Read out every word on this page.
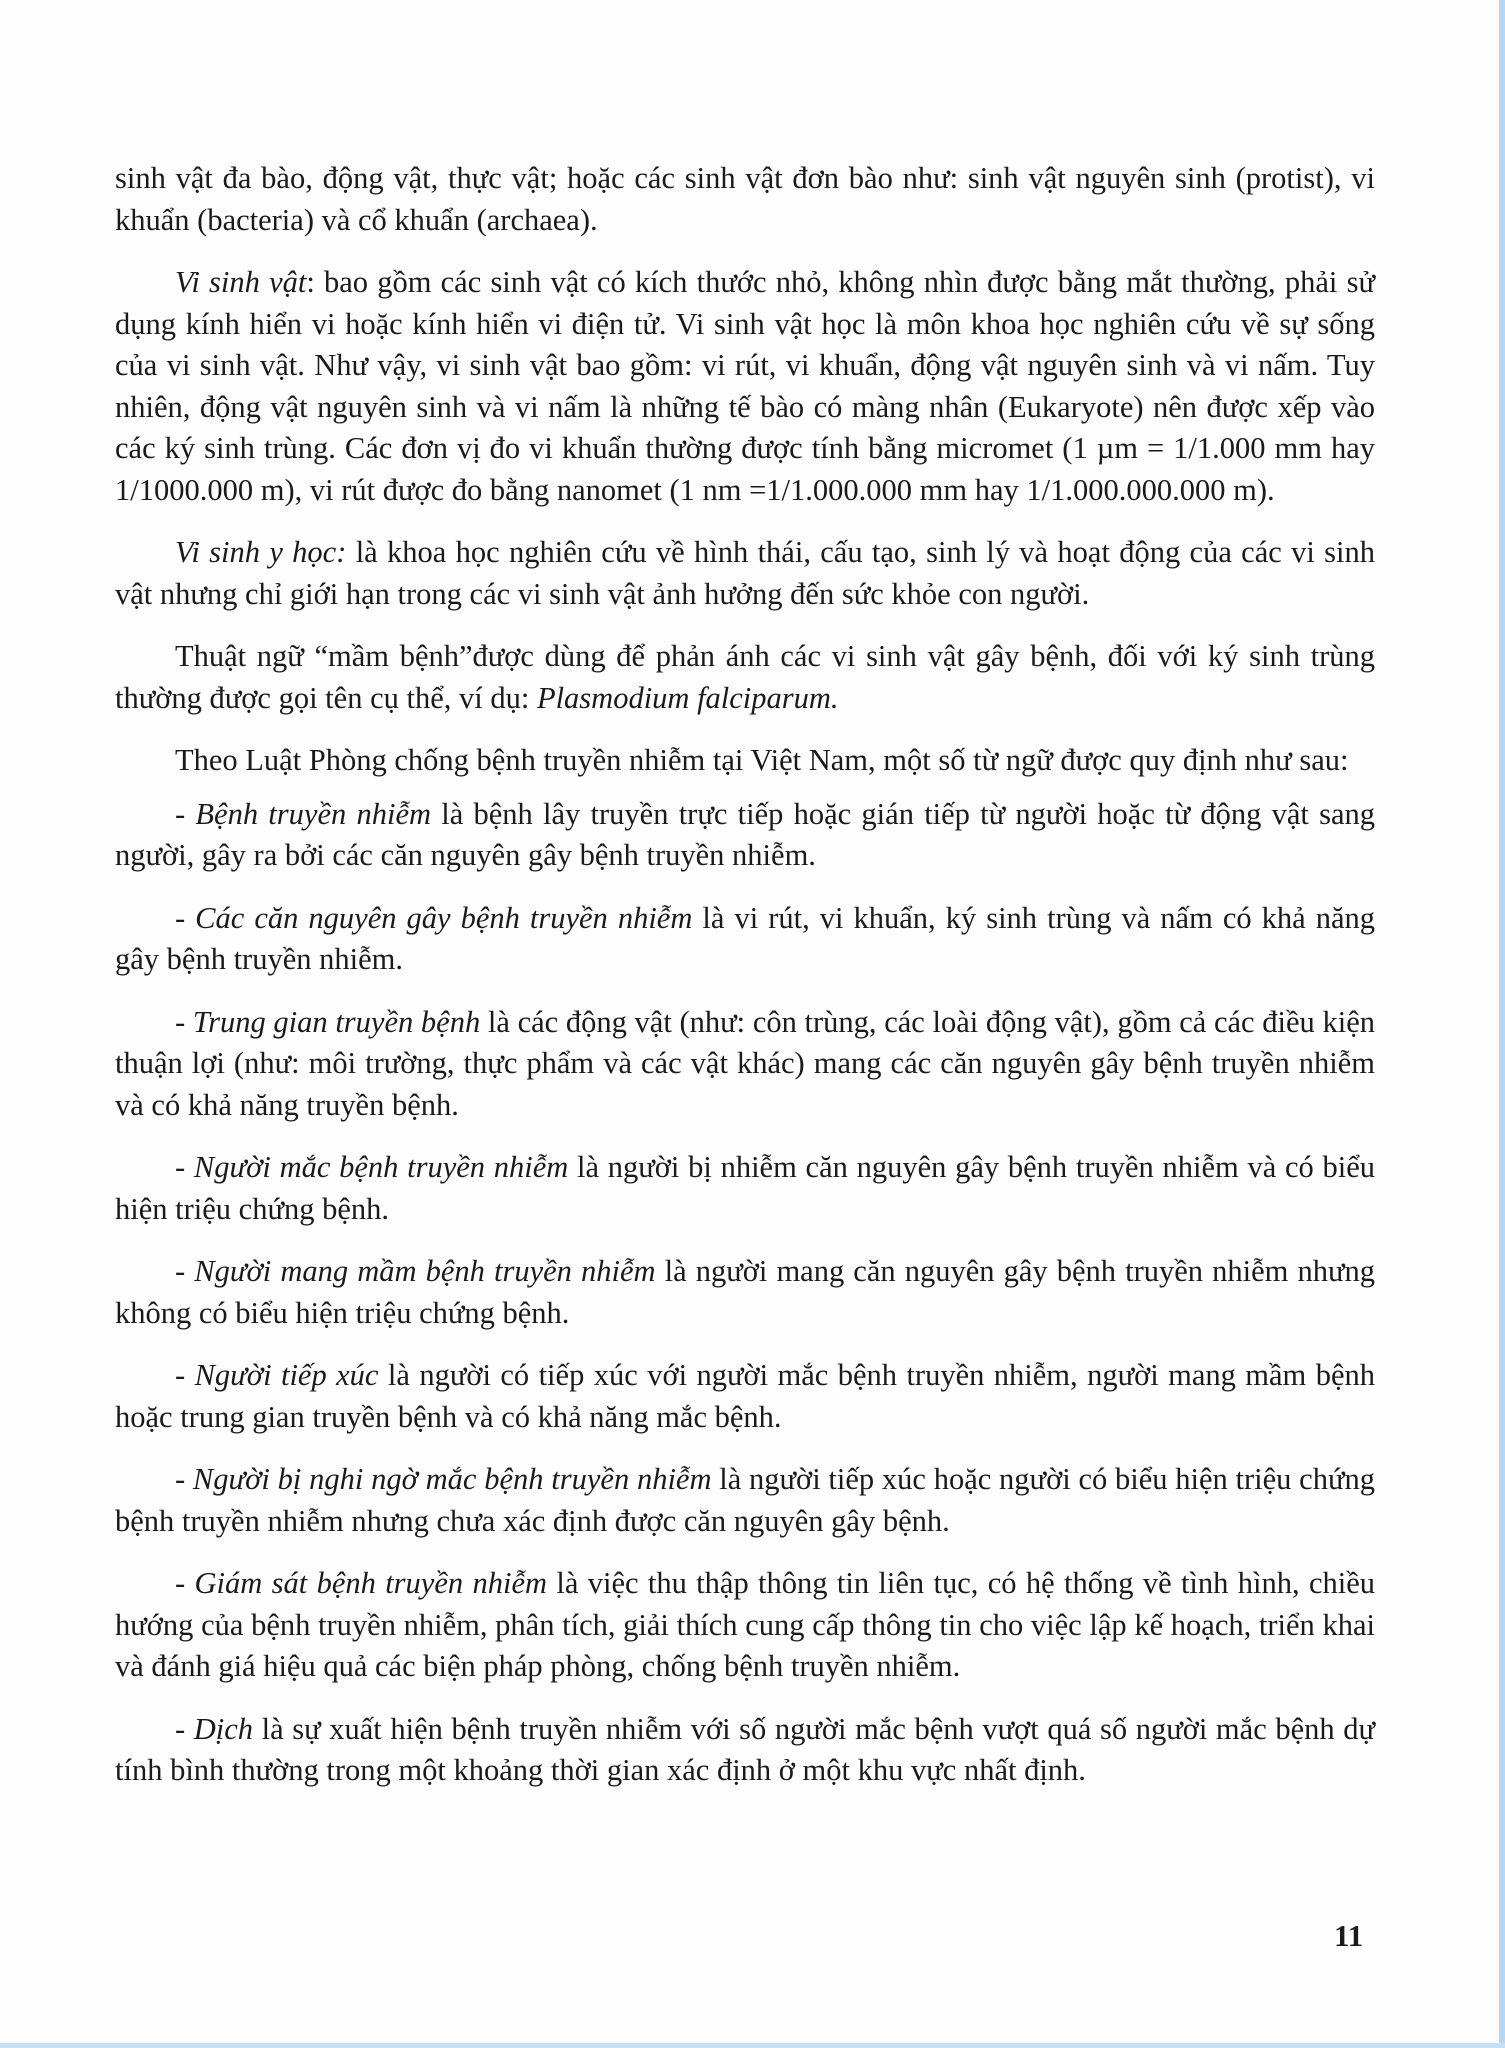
sinh vật đa bào, động vật, thực vật; hoặc các sinh vật đơn bào như: sinh vật nguyên sinh (protist), vi khuẩn (bacteria) và cổ khuẩn (archaea).

Vi sinh vật: bao gồm các sinh vật có kích thước nhỏ, không nhìn được bằng mắt thường, phải sử dụng kính hiển vi hoặc kính hiển vi điện tử. Vi sinh vật học là môn khoa học nghiên cứu về sự sống của vi sinh vật. Như vậy, vi sinh vật bao gồm: vi rút, vi khuẩn, động vật nguyên sinh và vi nấm. Tuy nhiên, động vật nguyên sinh và vi nấm là những tế bào có màng nhân (Eukaryote) nên được xếp vào các ký sinh trùng. Các đơn vị đo vi khuẩn thường được tính bằng micromet (1 µm = 1/1.000 mm hay 1/1000.000 m), vi rút được đo bằng nanomet (1 nm =1/1.000.000 mm hay 1/1.000.000.000 m).

Vi sinh y học: là khoa học nghiên cứu về hình thái, cấu tạo, sinh lý và hoạt động của các vi sinh vật nhưng chỉ giới hạn trong các vi sinh vật ảnh hưởng đến sức khỏe con người.

Thuật ngữ “mầm bệnh”được dùng để phản ánh các vi sinh vật gây bệnh, đối với ký sinh trùng thường được gọi tên cụ thể, ví dụ: Plasmodium falciparum.

Theo Luật Phòng chống bệnh truyền nhiễm tại Việt Nam, một số từ ngữ được quy định như sau:

- Bệnh truyền nhiễm là bệnh lây truyền trực tiếp hoặc gián tiếp từ người hoặc từ động vật sang người, gây ra bởi các căn nguyên gây bệnh truyền nhiễm.

- Các căn nguyên gây bệnh truyền nhiễm là vi rút, vi khuẩn, ký sinh trùng và nấm có khả năng gây bệnh truyền nhiễm.

- Trung gian truyền bệnh là các động vật (như: côn trùng, các loài động vật), gồm cả các điều kiện thuận lợi (như: môi trường, thực phẩm và các vật khác) mang các căn nguyên gây bệnh truyền nhiễm và có khả năng truyền bệnh.

- Người mắc bệnh truyền nhiễm là người bị nhiễm căn nguyên gây bệnh truyền nhiễm và có biểu hiện triệu chứng bệnh.

- Người mang mầm bệnh truyền nhiễm là người mang căn nguyên gây bệnh truyền nhiễm nhưng không có biểu hiện triệu chứng bệnh.

- Người tiếp xúc là người có tiếp xúc với người mắc bệnh truyền nhiễm, người mang mầm bệnh hoặc trung gian truyền bệnh và có khả năng mắc bệnh.

- Người bị nghi ngờ mắc bệnh truyền nhiễm là người tiếp xúc hoặc người có biểu hiện triệu chứng bệnh truyền nhiễm nhưng chưa xác định được căn nguyên gây bệnh.

- Giám sát bệnh truyền nhiễm là việc thu thập thông tin liên tục, có hệ thống về tình hình, chiều hướng của bệnh truyền nhiễm, phân tích, giải thích cung cấp thông tin cho việc lập kế hoạch, triển khai và đánh giá hiệu quả các biện pháp phòng, chống bệnh truyền nhiễm.

- Dịch là sự xuất hiện bệnh truyền nhiễm với số người mắc bệnh vượt quá số người mắc bệnh dự tính bình thường trong một khoảng thời gian xác định ở một khu vực nhất định.

11
